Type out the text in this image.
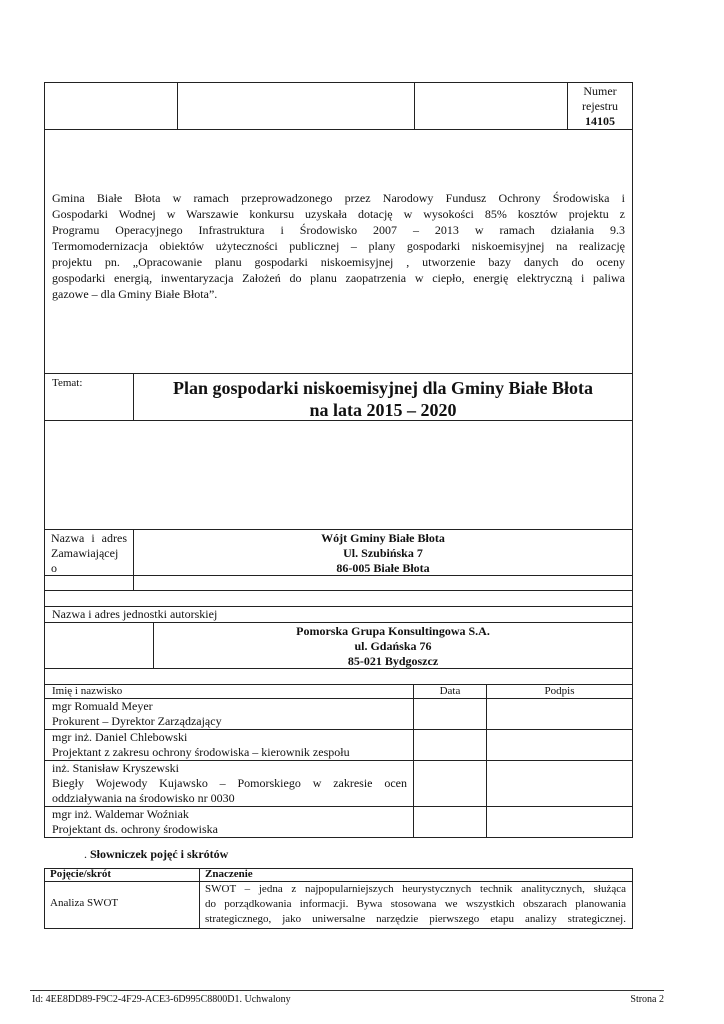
Numer
rejestru
14105
Gmina Białe Błota w ramach przeprowadzonego przez Narodowy Fundusz Ochrony Środowiska i
Gospodarki Wodnej w Warszawie konkursu uzyskała dotację w wysokości 85% kosztów projektu z
Programu Operacyjnego Infrastruktura i Środowisko 2007 – 2013 w ramach działania 9.3
Termomodernizacja obiektów użyteczności publicznej – plany gospodarki niskoemisyjnej na realizację
projektu pn. „Opracowanie planu gospodarki niskoemisyjnej , utworzenie bazy danych do oceny
gospodarki energią, inwentaryzacja Założeń do planu zaopatrzenia w ciepło, energię elektryczną i paliwa
gazowe – dla Gminy Białe Błota”.
Temat:	Plan gospodarki niskoemisyjnej dla Gminy Białe Błota
na lata 2015 – 2020
Nazwa i adres
Zamawiającej
o
Wójt Gminy Białe Błota
Ul. Szubińska 7
86-005 Białe Błota
Nazwa i adres jednostki autorskiej
Pomorska Grupa Konsultingowa S.A.
ul. Gdańska 76
85-021 Bydgoszcz
Imię i nazwisko	Data	Podpis
mgr Romuald Meyer
Prokurent – Dyrektor Zarządzający
mgr inż. Daniel Chlebowski
Projektant z zakresu ochrony środowiska – kierownik zespołu
inż. Stanisław Kryszewski
Biegły Wojewody Kujawsko – Pomorskiego w zakresie ocen
oddziaływania na środowisko nr 0030
mgr inż. Waldemar Woźniak
Projektant ds. ochrony środowiska
. Słowniczek pojęć i skrótów
Pojęcie/skrót	Znaczenie
Analiza SWOT
SWOT – jedna z najpopularniejszych heurystycznych technik analitycznych, służąca
do porządkowania informacji. Bywa stosowana we wszystkich obszarach planowania
strategicznego, jako uniwersalne narzędzie pierwszego etapu analizy strategicznej.
Id: 4EE8DD89-F9C2-4F29-ACE3-6D995C8800D1. Uchwalony	Strona 2
